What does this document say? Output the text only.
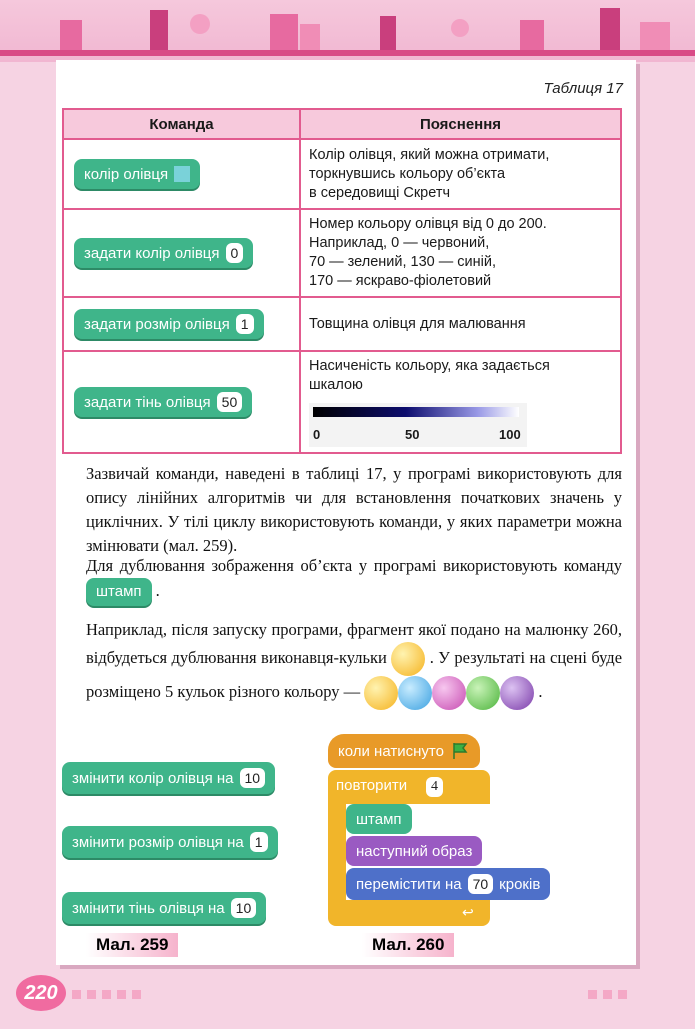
Таблиця 17
Команда	Пояснення

колір олівця	Колір олівця, який можна отримати,
торкнувшись кольору об’єкта
в середовищі Скретч

задати колір олівця 0	Номер кольору олівця від 0 до 200.
Наприклад, 0 — червоний,
70 — зелений, 130 — синій,
170 — яскраво-фіолетовий

задати розмір олівця 1	Товщина олівця для малювання

задати тінь олівця 50	Насиченість кольору, яка задається
шкалою
0 50 100
Зазвичай команди, наведені в таблиці 17, у програмі використовують для опису лінійних алгоритмів чи для встановлення початкових значень у циклічних. У тілі циклу використовують команди, у яких параметри можна змінювати (мал. 259).
Для дублювання зображення об’єкта у програмі використовують команду штамп .
Наприклад, після запуску програми, фрагмент якої подано на малюнку 260, відбудеться дублювання виконавця-кульки	. У результаті на сцені буде розміщено 5 кульок різного кольору —	.
змінити колір олівця на 10
змінити розмір олівця на 1
змінити тінь олівця на 10
Мал. 259
коли натиснуто
повторити	4
↩
штамп
наступний образ
перемістити на 70 кроків
Мал. 260
220
